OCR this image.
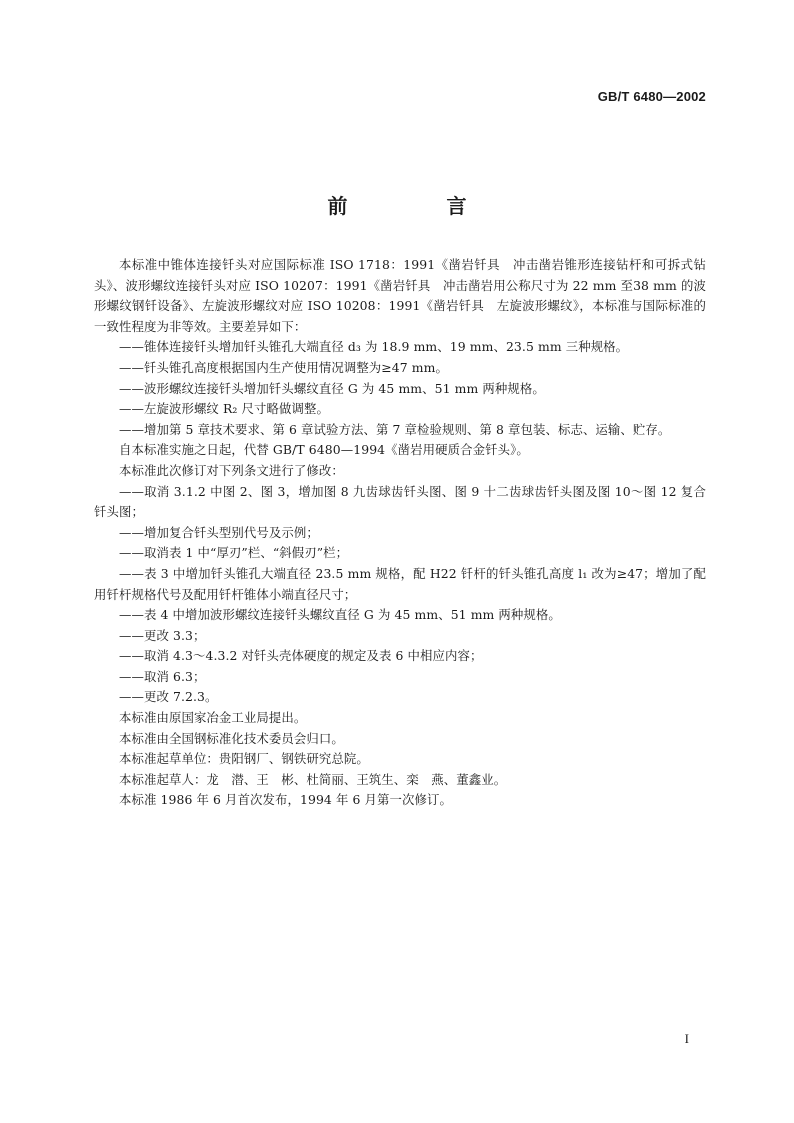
GB/T 6480—2002
前 言

本标准中锥体连接钎头对应国际标准 ISO 1718：1991《凿岩钎具　冲击凿岩锥形连接钻杆和可拆式钻头》、波形螺纹连接钎头对应 ISO 10207：1991《凿岩钎具　冲击凿岩用公称尺寸为 22 mm 至38 mm 的波形螺纹钢钎设备》、左旋波形螺纹对应 ISO 10208：1991《凿岩钎具　左旋波形螺纹》，本标准与国际标准的一致性程度为非等效。主要差异如下：

——锥体连接钎头增加钎头锥孔大端直径 d₃ 为 18.9 mm、19 mm、23.5 mm 三种规格。

——钎头锥孔高度根据国内生产使用情况调整为≥47 mm。

——波形螺纹连接钎头增加钎头螺纹直径 G 为 45 mm、51 mm 两种规格。

——左旋波形螺纹 R₂ 尺寸略做调整。

——增加第 5 章技术要求、第 6 章试验方法、第 7 章检验规则、第 8 章包装、标志、运输、贮存。

自本标准实施之日起，代替 GB/T 6480—1994《凿岩用硬质合金钎头》。

本标准此次修订对下列条文进行了修改：

——取消 3.1.2 中图 2、图 3，增加图 8 九齿球齿钎头图、图 9 十二齿球齿钎头图及图 10～图 12 复合钎头图；

——增加复合钎头型别代号及示例；

——取消表 1 中“厚刃”栏、“斜假刃”栏；

——表 3 中增加钎头锥孔大端直径 23.5 mm 规格，配 H22 钎杆的钎头锥孔高度 l₁ 改为≥47；增加了配用钎杆规格代号及配用钎杆锥体小端直径尺寸；

——表 4 中增加波形螺纹连接钎头螺纹直径 G 为 45 mm、51 mm 两种规格。

——更改 3.3；

——取消 4.3～4.3.2 对钎头壳体硬度的规定及表 6 中相应内容；

——取消 6.3；

——更改 7.2.3。

本标准由原国家冶金工业局提出。

本标准由全国钢标准化技术委员会归口。

本标准起草单位：贵阳钢厂、钢铁研究总院。

本标准起草人：龙　潜、王　彬、杜简丽、王筑生、栾　燕、董鑫业。

本标准 1986 年 6 月首次发布，1994 年 6 月第一次修订。

I
